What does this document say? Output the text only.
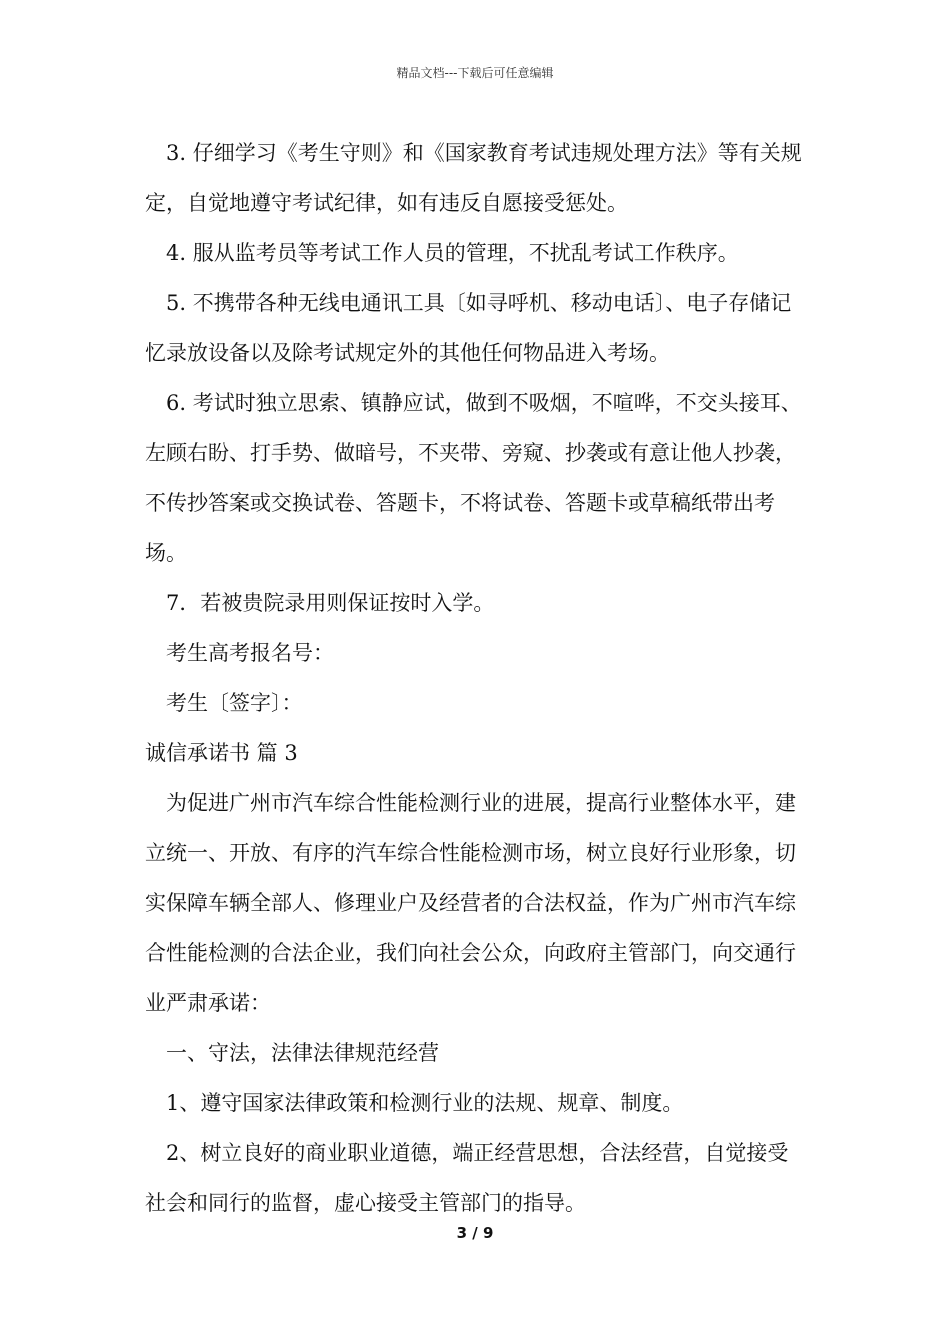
精品文档---下载后可任意编辑

3. 仔细学习《考生守则》和《国家教育考试违规处理方法》等有关规定，自觉地遵守考试纪律，如有违反自愿接受惩处。

4. 服从监考员等考试工作人员的管理，不扰乱考试工作秩序。

5. 不携带各种无线电通讯工具〔如寻呼机、移动电话〕、电子存储记忆录放设备以及除考试规定外的其他任何物品进入考场。

6. 考试时独立思索、镇静应试，做到不吸烟，不喧哗，不交头接耳、左顾右盼、打手势、做暗号，不夹带、旁窥、抄袭或有意让他人抄袭，不传抄答案或交换试卷、答题卡，不将试卷、答题卡或草稿纸带出考场。

7．若被贵院录用则保证按时入学。

考生高考报名号：

考生〔签字〕：

诚信承诺书 篇 3

为促进广州市汽车综合性能检测行业的进展，提高行业整体水平，建立统一、开放、有序的汽车综合性能检测市场，树立良好行业形象，切实保障车辆全部人、修理业户及经营者的合法权益，作为广州市汽车综合性能检测的合法企业，我们向社会公众，向政府主管部门，向交通行业严肃承诺：

一、守法，法律法律规范经营

1、遵守国家法律政策和检测行业的法规、规章、制度。

2、树立良好的商业职业道德，端正经营思想，合法经营，自觉接受社会和同行的监督，虚心接受主管部门的指导。

3 / 9
